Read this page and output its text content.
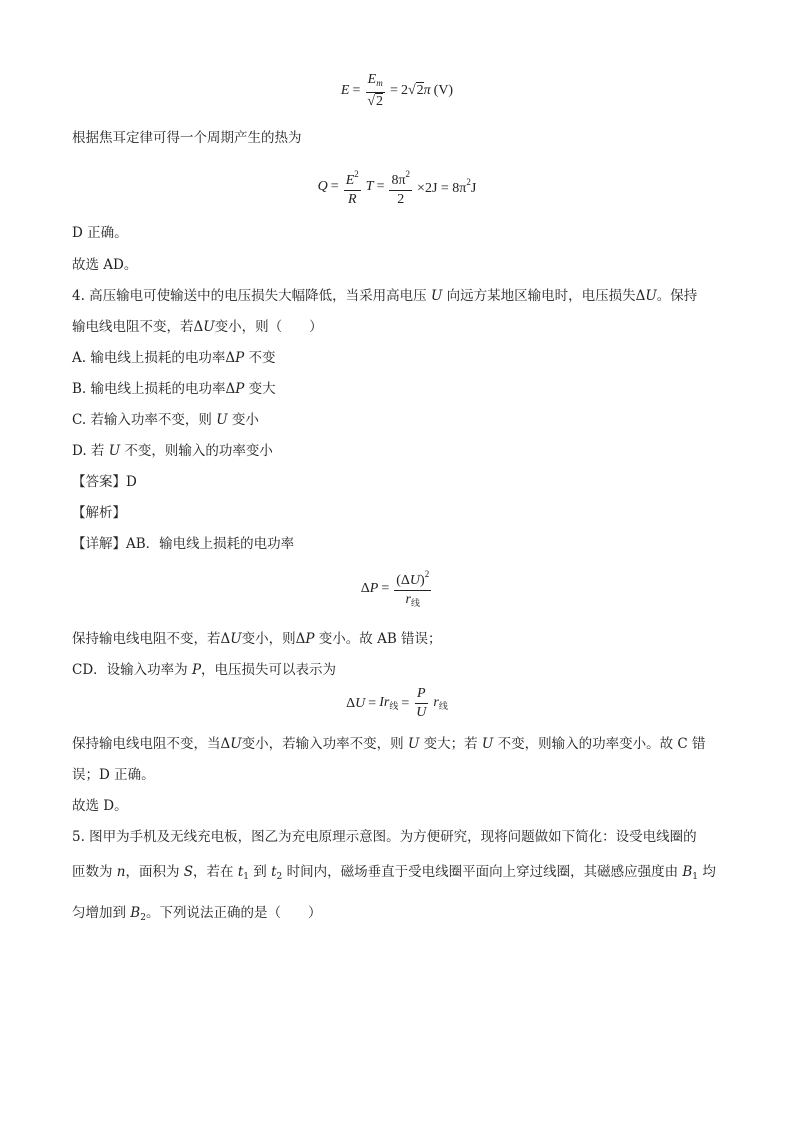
$E = \frac{E_m}{√2} = 2√2\pi$ (V)
根据焦耳定律可得一个周期产生的热为
$Q = \frac{E^2}{R}$ $T = \frac{8\pi^2}{2} \times 2J = 8\pi^2J$
D 正确。
故选 AD。
4. 高压输电可使输送中的电压损失大幅降低，当采用高电压 U 向远方某地区输电时，电压损失ΔU。保持
输电线电阻不变，若ΔU变小，则（　　）
A. 输电线上损耗的电功率ΔP 不变
B. 输电线上损耗的电功率ΔP 变大
C. 若输入功率不变，则 U 变小
D. 若 U 不变，则输入的功率变小
【答案】D
【解析】
【详解】AB．输电线上损耗的电功率
$\Delta P = \frac{(\Delta U)^2}{r_线}$
保持输电线电阻不变，若ΔU变小，则ΔP 变小。故 AB 错误；
CD．设输入功率为 P，电压损失可以表示为
$\Delta U = Ir_线 = \frac{P}{U} r_线$
保持输电线电阻不变，当ΔU变小，若输入功率不变，则 U 变大；若 U 不变，则输入的功率变小。故 C 错
误；D 正确。
故选 D。
5. 图甲为手机及无线充电板，图乙为充电原理示意图。为方便研究，现将问题做如下简化：设受电线圈的
匝数为 n，面积为 S，若在 $t_1$ 到 $t_2$ 时间内，磁场垂直于受电线圈平面向上穿过线圈，其磁感应强度由 $B_1$ 均
匀增加到 $B_2$。下列说法正确的是（　　）
